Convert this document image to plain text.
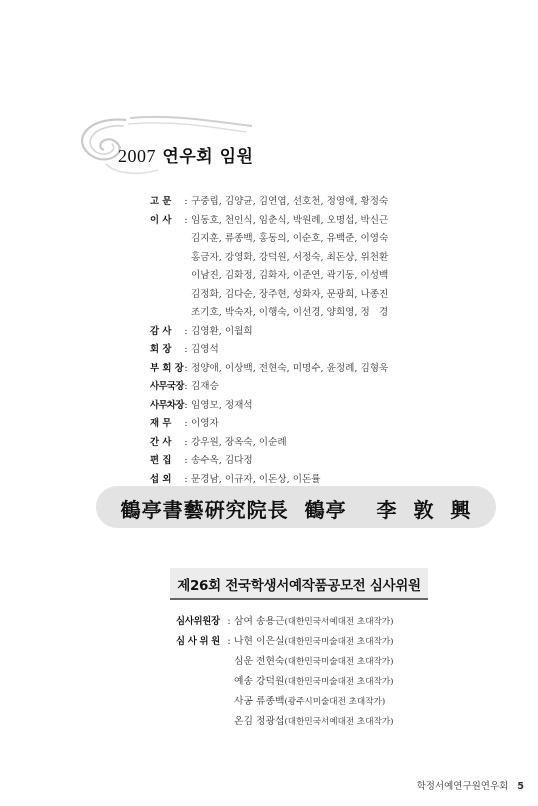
2007 연우회 임원
고 문	: 구중립, 김양균, 김연엽, 선호천, 정영애, 황정숙
이 사	: 임동호, 천인식, 임춘식, 박원례, 오명섭, 박신근
김지훈, 류종백, 홍동의, 이순호, 유백준, 이영숙
홍금자, 강영화, 강덕원, 서정숙, 최돈상, 위천환
이남진, 김화정, 김화자, 이준연, 곽기동, 이성백
김정화, 김다순, 장주현, 성화자, 문광희, 나종진
조기호, 박숙자, 이행숙, 이선경, 양희영, 정   경
감 사	: 김영환, 이월희
회 장	: 김영석
부 회 장 : 정양애, 이상백, 전현숙, 미명수, 윤정례, 김형욱
사무국장 : 김재승
사무차장 : 임영모, 정재석
재 무	: 이영자
간 사	: 강우원, 장옥숙, 이순례
편 집	: 송수옥, 김다정
섭 외	: 문경남, 이규자, 이돈상, 이돈률
鶴亭書藝硏究院長 鶴亭 李  敦  興
제26회 전국학생서예작품공모전 심사위원
심사위원장 : 삼여 송용근(대한민국서예대전 초대작가)
심 사 위 원 : 나현 이은실(대한민국미술대전 초대작가)
심운 전현숙(대한민국미술대전 초대작가)
예송 강덕원(대한민국미술대전 초대작가)
사공 류종백(광주시미술대전 초대작가)
온김 정광섭(대한민국서예대전 초대작가)
학정서예연구원연우회 5
